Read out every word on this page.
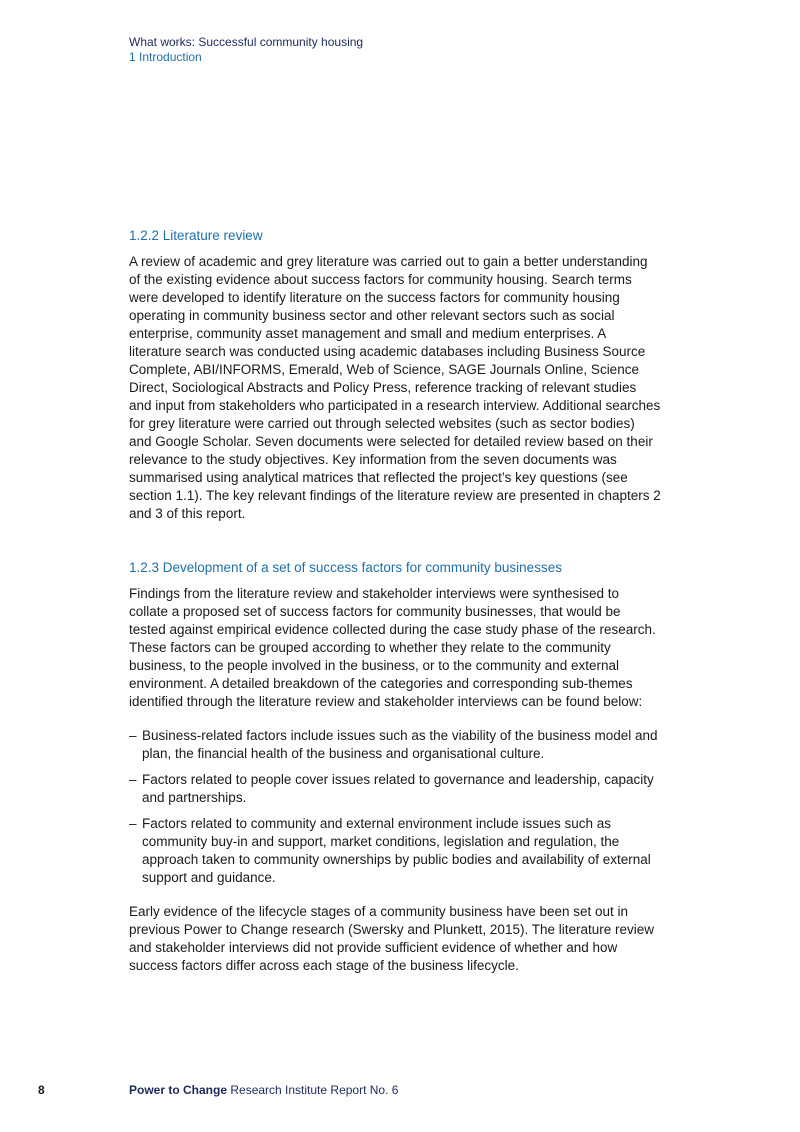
What works: Successful community housing
1 Introduction
1.2.2 Literature review

A review of academic and grey literature was carried out to gain a better understanding of the existing evidence about success factors for community housing. Search terms were developed to identify literature on the success factors for community housing operating in community business sector and other relevant sectors such as social enterprise, community asset management and small and medium enterprises. A literature search was conducted using academic databases including Business Source Complete, ABI/INFORMS, Emerald, Web of Science, SAGE Journals Online, Science Direct, Sociological Abstracts and Policy Press, reference tracking of relevant studies and input from stakeholders who participated in a research interview. Additional searches for grey literature were carried out through selected websites (such as sector bodies) and Google Scholar. Seven documents were selected for detailed review based on their relevance to the study objectives. Key information from the seven documents was summarised using analytical matrices that reflected the project’s key questions (see section 1.1). The key relevant findings of the literature review are presented in chapters 2 and 3 of this report.

1.2.3 Development of a set of success factors for community businesses

Findings from the literature review and stakeholder interviews were synthesised to collate a proposed set of success factors for community businesses, that would be tested against empirical evidence collected during the case study phase of the research. These factors can be grouped according to whether they relate to the community business, to the people involved in the business, or to the community and external environment. A detailed breakdown of the categories and corresponding sub-themes identified through the literature review and stakeholder interviews can be found below:

– Business-related factors include issues such as the viability of the business model and plan, the financial health of the business and organisational culture.
– Factors related to people cover issues related to governance and leadership, capacity and partnerships.
– Factors related to community and external environment include issues such as community buy-in and support, market conditions, legislation and regulation, the approach taken to community ownerships by public bodies and availability of external support and guidance.

Early evidence of the lifecycle stages of a community business have been set out in previous Power to Change research (Swersky and Plunkett, 2015). The literature review and stakeholder interviews did not provide sufficient evidence of whether and how success factors differ across each stage of the business lifecycle.

8	Power to Change Research Institute Report No. 6
